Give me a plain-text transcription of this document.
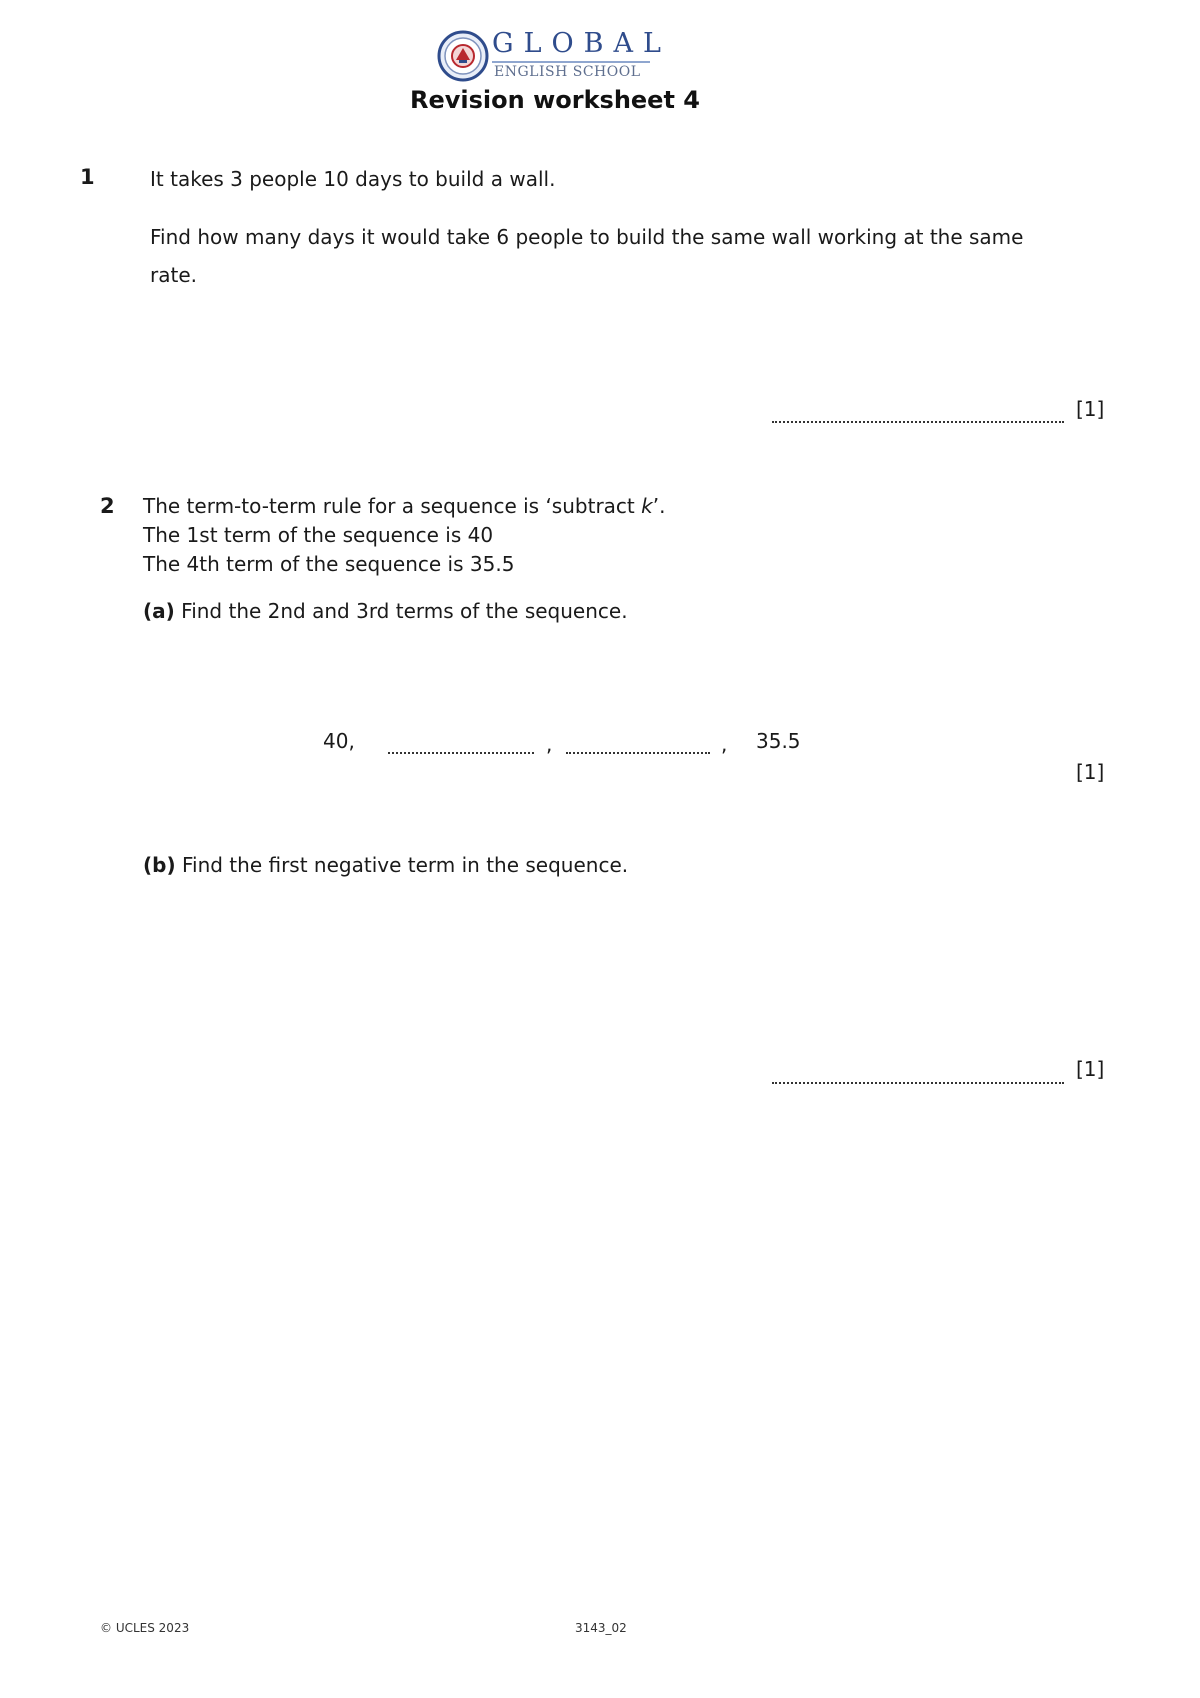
GLOBAL
ENGLISH SCHOOL
Revision worksheet 4
1	It takes 3 people 10 days to build a wall.
Find how many days it would take 6 people to build the same wall working at the same
rate.
[1]
2 The term-to-term rule for a sequence is ‘subtract k’.
The 1st term of the sequence is 40
The 4th term of the sequence is 35.5
(a) Find the 2nd and 3rd terms of the sequence.
40,	,	, 35.5
[1]
(b) Find the first negative term in the sequence.
[1]
© UCLES 2023	3143_02
